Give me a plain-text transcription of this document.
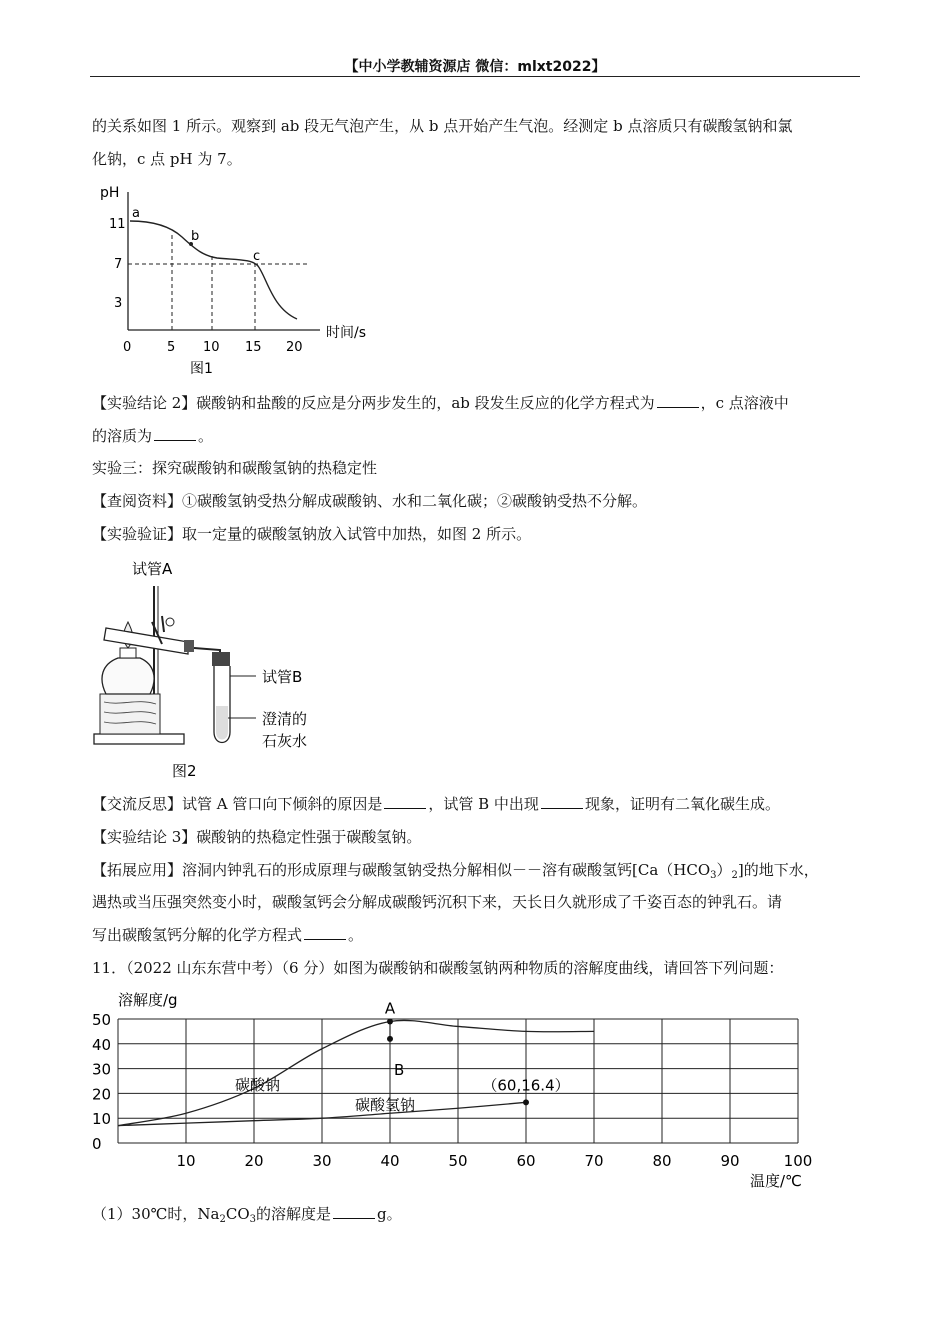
【中小学教辅资源店 微信：mlxt2022】
的关系如图 1 所示。观察到 ab 段无气泡产生，从 b 点开始产生气泡。经测定 b 点溶质只有碳酸氢钠和氯
化钠，c 点 pH 为 7。
pH
时间/s
11
7
3
0	5 10 15 20
a
b
c
图1
【实验结论 2】碳酸钠和盐酸的反应是分两步发生的，ab 段发生反应的化学方程式为	，c 点溶液中
的溶质为	。
实验三：探究碳酸钠和碳酸氢钠的热稳定性
【查阅资料】①碳酸氢钠受热分解成碳酸钠、水和二氧化碳；②碳酸钠受热不分解。
【实验验证】取一定量的碳酸氢钠放入试管中加热，如图 2 所示。
试管A
试管B
澄清的
石灰水
图2
【交流反思】试管 A 管口向下倾斜的原因是	，试管 B 中出现	现象，证明有二氧化碳生成。
【实验结论 3】碳酸钠的热稳定性强于碳酸氢钠。
【拓展应用】溶洞内钟乳石的形成原理与碳酸氢钠受热分解相似－－溶有碳酸氢钙$[Ca(HCO_3)_2]$的地下水，
遇热或当压强突然变小时，碳酸氢钙会分解成碳酸钙沉积下来，天长日久就形成了千姿百态的钟乳石。请
写出碳酸氢钙分解的化学方程式	。
11．（2022 山东东营中考）（6 分）如图为碳酸钠和碳酸氢钠两种物质的溶解度曲线，请回答下列问题：
0
10
20
30
40
50
10	20	30	40	50	60	70	80	90	100
A
B
（60,16.4）
溶解度/g
温度/℃
碳酸钠
碳酸氢钠
（1）30℃时，$Na_2CO_3$的溶解度是	g。
